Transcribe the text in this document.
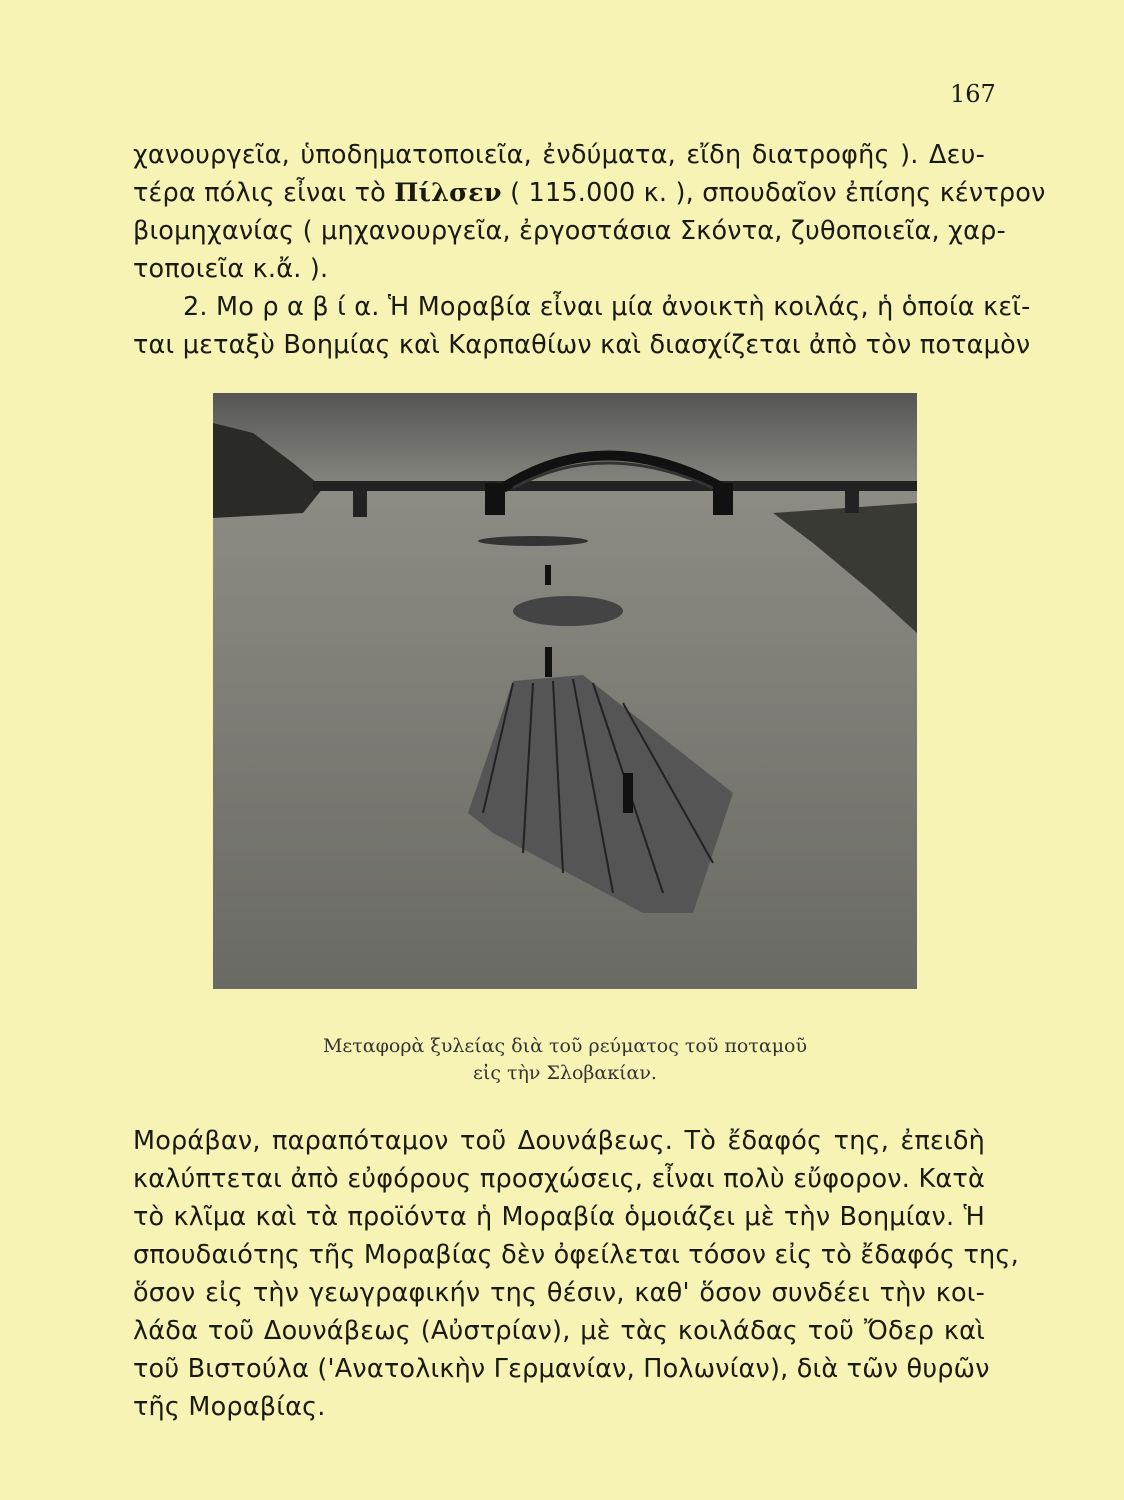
167
χανουργεῖα, ὑποδηματοποιεῖα, ἐνδύματα, εἴδη διατροφῆς ). Δευ-
τέρα πόλις εἶναι τὸ Πίλσεν ( 115.000 κ. ), σπουδαῖον ἐπίσης κέντρον
βιομηχανίας ( μηχανουργεῖα, ἐργοστάσια Σκόντα, ζυθοποιεῖα, χαρ-
τοποιεῖα κ.ἄ. ).
2. Μο ρ α β ί α. Ἡ Μοραβία εἶναι μία ἀνοικτὴ κοιλάς, ἡ ὁποία κεῖ-
ται μεταξὺ Βοημίας καὶ Καρπαθίων καὶ διασχίζεται ἀπὸ τὸν ποταμὸν
Μεταφορὰ ξυλείας διὰ τοῦ ρεύματος τοῦ ποταμοῦ
εἰς τὴν Σλοβακίαν.
Μοράβαν, παραπόταμον τοῦ Δουνάβεως. Τὸ ἔδαφός της, ἐπειδὴ
καλύπτεται ἀπὸ εὐφόρους προσχώσεις, εἶναι πολὺ εὔφορον. Κατὰ
τὸ κλῖμα καὶ τὰ προϊόντα ἡ Μοραβία ὁμοιάζει μὲ τὴν Βοημίαν. Ἡ
σπουδαιότης τῆς Μοραβίας δὲν ὀφείλεται τόσον εἰς τὸ ἔδαφός της,
ὅσον εἰς τὴν γεωγραφικήν της θέσιν, καθ' ὅσον συνδέει τὴν κοι-
λάδα τοῦ Δουνάβεως (Αὐστρίαν), μὲ τὰς κοιλάδας τοῦ Ὄδερ καὶ
τοῦ Βιστούλα ('Ανατολικὴν Γερμανίαν, Πολωνίαν), διὰ τῶν θυρῶν
τῆς Μοραβίας.
